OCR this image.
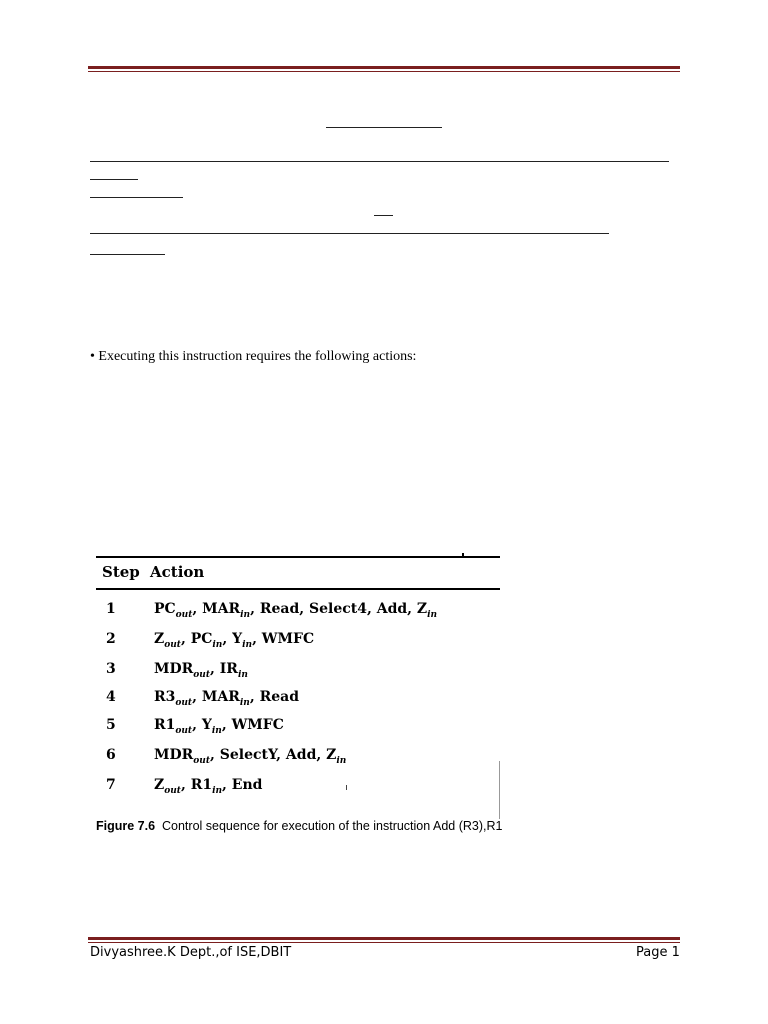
• Executing this instruction requires the following actions:
Step Action
1	$PC_{out}$, $MAR_{in}$, Read, Select4, Add, $Z_{in}$
2	$Z_{out}$, $PC_{in}$, $Y_{in}$, WMFC
3	$MDR_{out}$, $IR_{in}$
4	$R3_{out}$, $MAR_{in}$, Read
5	$R1_{out}$, $Y_{in}$, WMFC
6	$MDR_{out}$, SelectY, Add, $Z_{in}$
7	$Z_{out}$, $R1_{in}$, End
Figure 7.6 Control sequence for execution of the instruction Add (R3),R1
Divyashree.K Dept.,of ISE,DBIT	Page 1
